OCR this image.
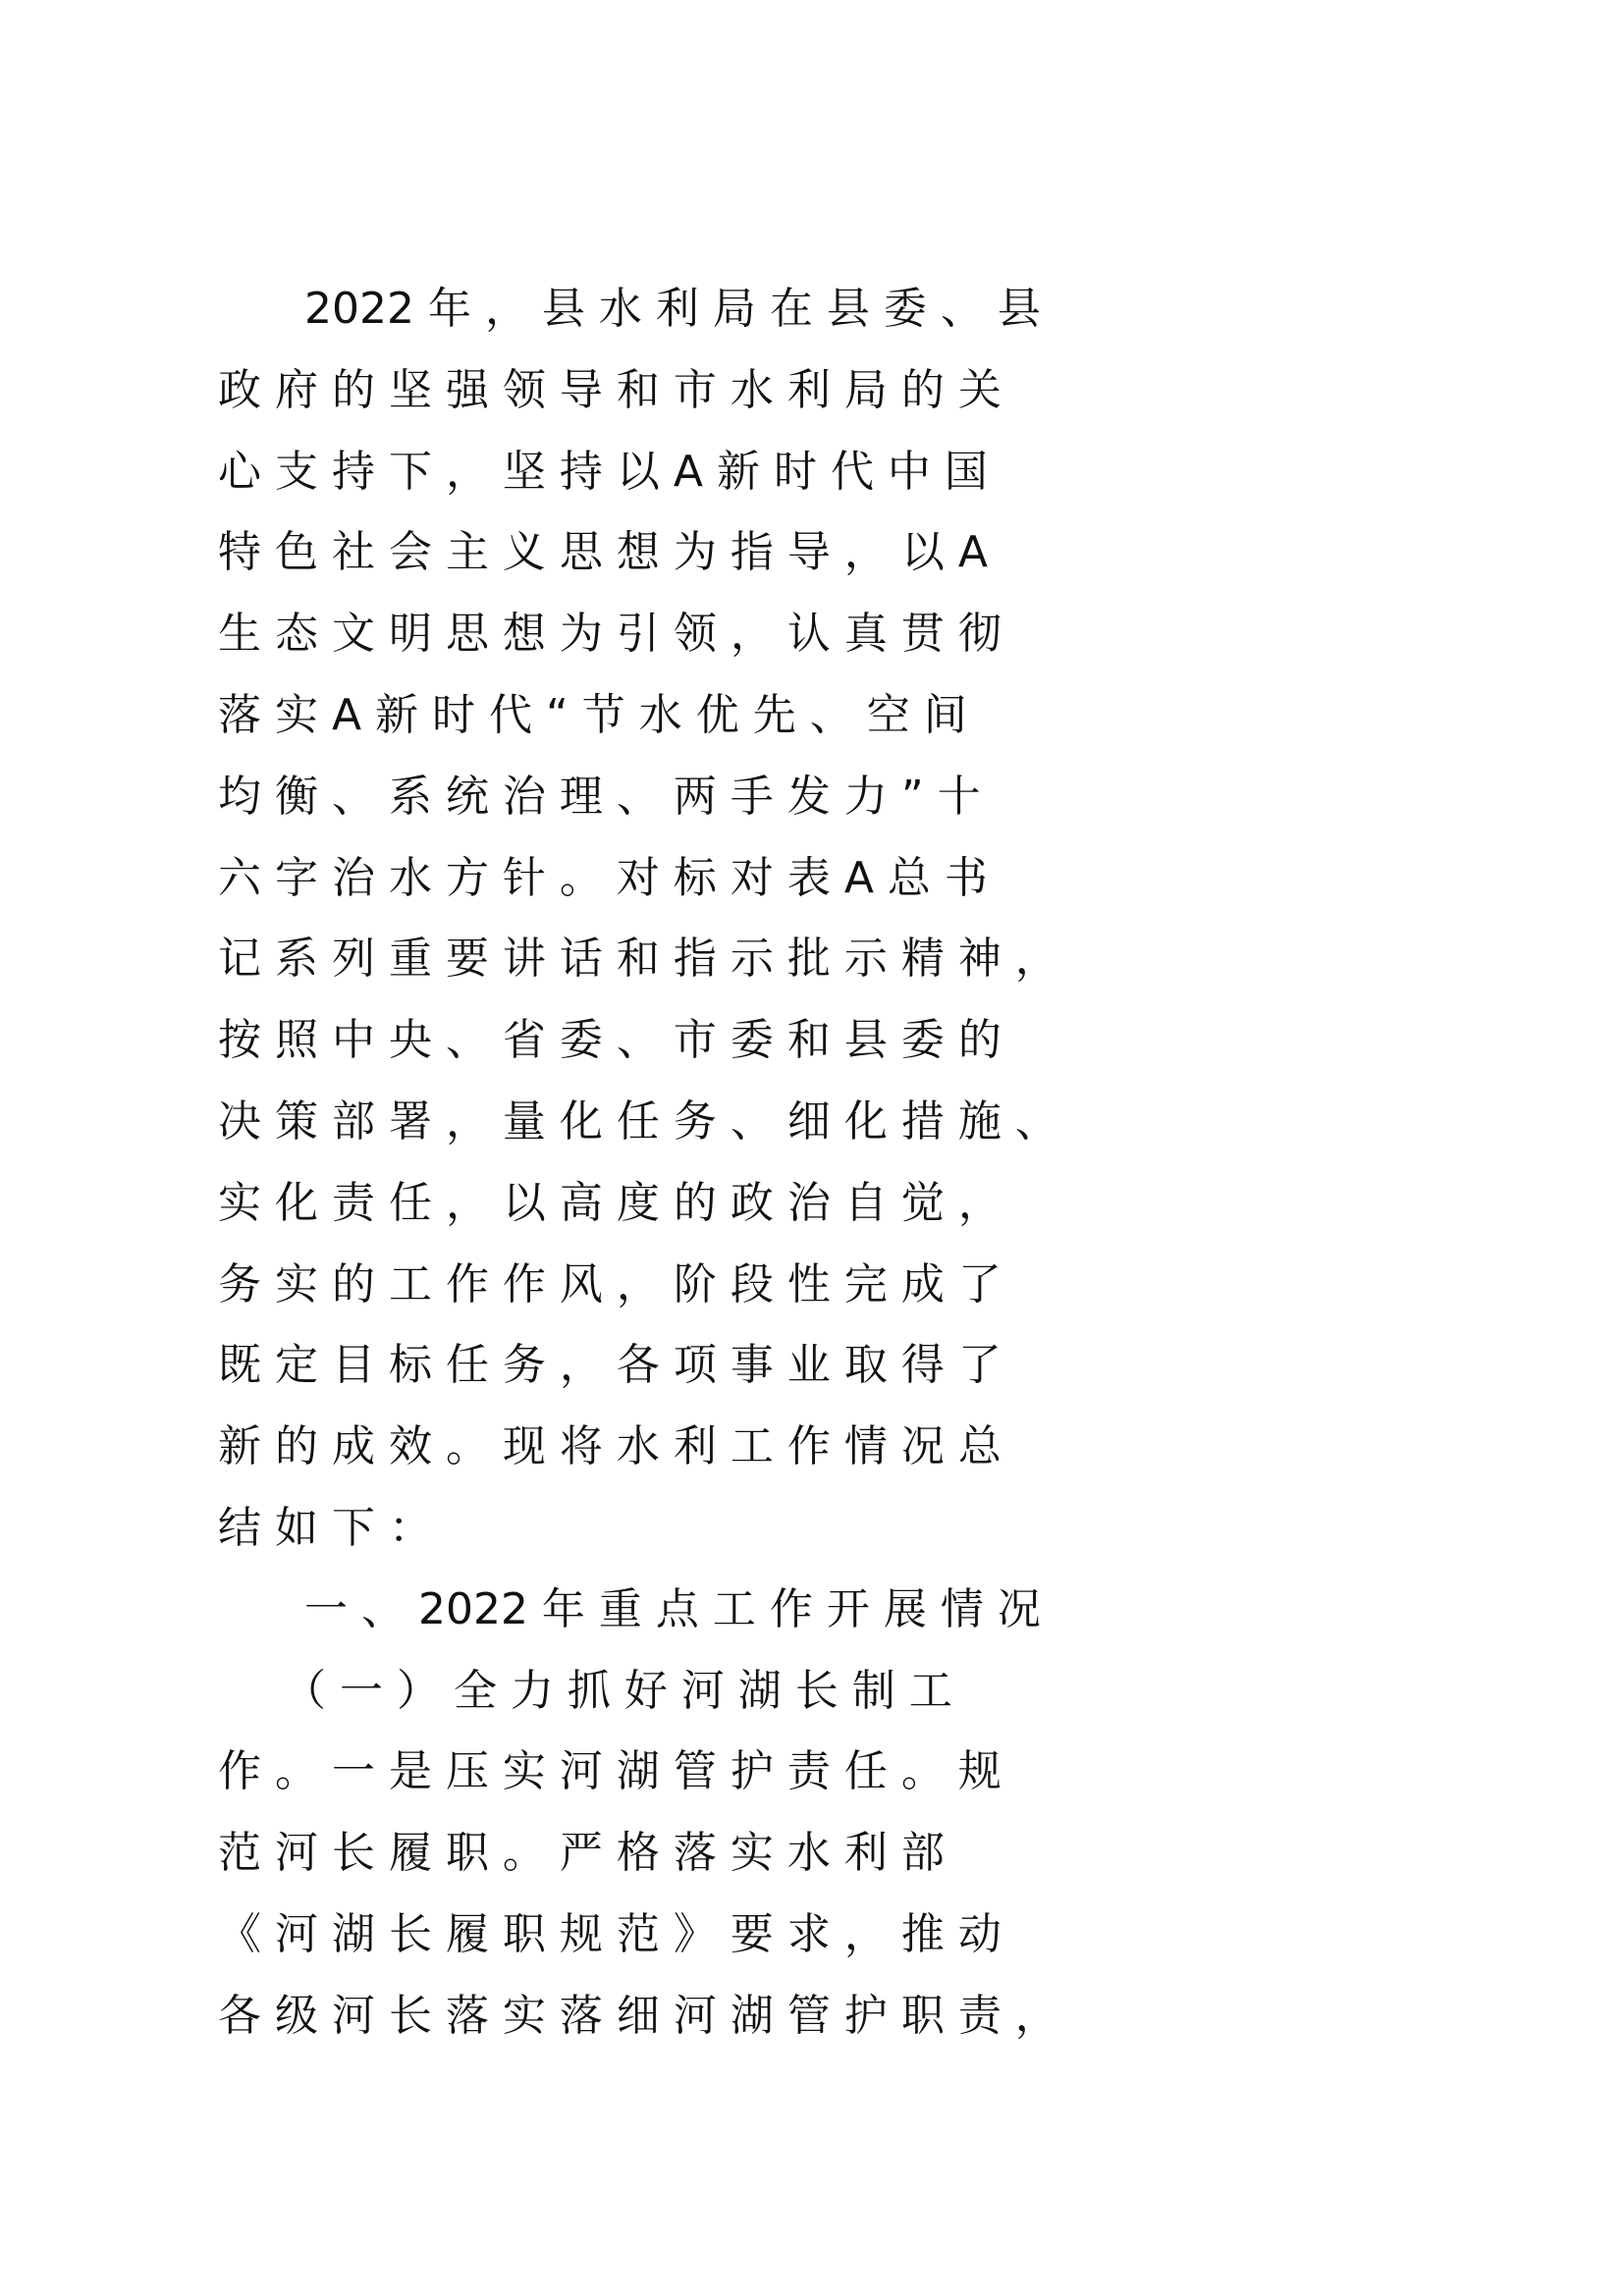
　　2022 年 ， 县 水 利 局 在 县 委 、 县
政 府 的 坚 强 领 导 和 市 水 利 局 的 关
心 支 持 下 ， 坚 持 以 A 新 时 代 中 国
特 色 社 会 主 义 思 想 为 指 导 ， 以 A
生 态 文 明 思 想 为 引 领 ， 认 真 贯 彻
落 实 A 新 时 代 “ 节 水 优 先 、 空 间
均 衡 、 系 统 治 理 、 两 手 发 力 ” 十
六 字 治 水 方 针 。 对 标 对 表 A 总 书
记 系 列 重 要 讲 话 和 指 示 批 示 精 神 ，
按 照 中 央 、 省 委 、 市 委 和 县 委 的
决 策 部 署 ， 量 化 任 务 、 细 化 措 施 、
实 化 责 任 ， 以 高 度 的 政 治 自 觉 ，
务 实 的 工 作 作 风 ， 阶 段 性 完 成 了
既 定 目 标 任 务 ， 各 项 事 业 取 得 了
新 的 成 效 。 现 将 水 利 工 作 情 况 总
结 如 下 ：
　　一 、 2022 年 重 点 工 作 开 展 情 况
　　（ 一 ） 全 力 抓 好 河 湖 长 制 工
作 。 一 是 压 实 河 湖 管 护 责 任 。 规
范 河 长 履 职 。 严 格 落 实 水 利 部
《 河 湖 长 履 职 规 范 》 要 求 ， 推 动
各 级 河 长 落 实 落 细 河 湖 管 护 职 责 ，
